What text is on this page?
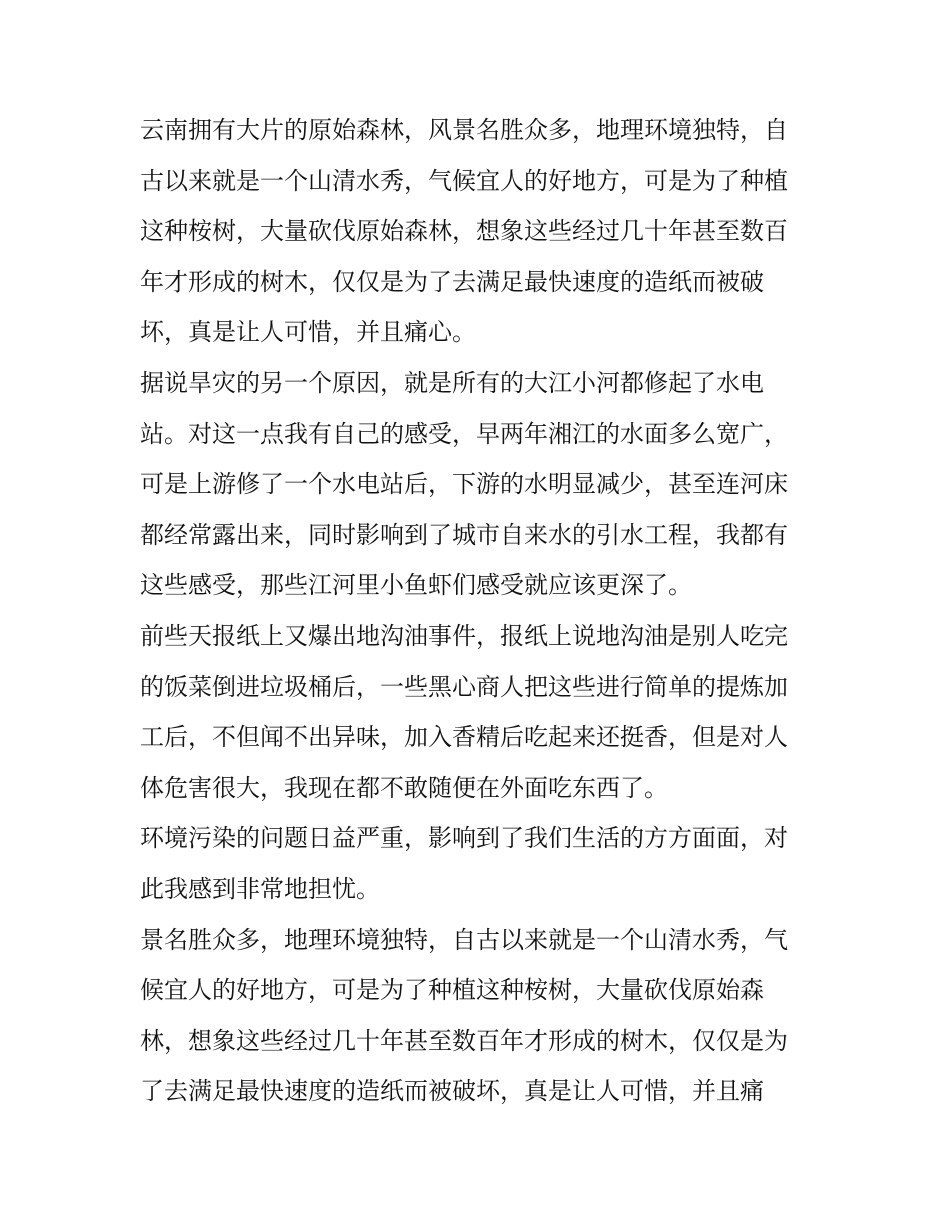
云南拥有大片的原始森林，风景名胜众多，地理环境独特，自
古以来就是一个山清水秀，气候宜人的好地方，可是为了种植
这种桉树，大量砍伐原始森林，想象这些经过几十年甚至数百
年才形成的树木，仅仅是为了去满足最快速度的造纸而被破
坏，真是让人可惜，并且痛心。
据说旱灾的另一个原因，就是所有的大江小河都修起了水电
站。对这一点我有自己的感受，早两年湘江的水面多么宽广，
可是上游修了一个水电站后，下游的水明显减少，甚至连河床
都经常露出来，同时影响到了城市自来水的引水工程，我都有
这些感受，那些江河里小鱼虾们感受就应该更深了。
前些天报纸上又爆出地沟油事件，报纸上说地沟油是别人吃完
的饭菜倒进垃圾桶后，一些黑心商人把这些进行简单的提炼加
工后，不但闻不出异味，加入香精后吃起来还挺香，但是对人
体危害很大，我现在都不敢随便在外面吃东西了。
环境污染的问题日益严重，影响到了我们生活的方方面面，对
此我感到非常地担忧。
景名胜众多，地理环境独特，自古以来就是一个山清水秀，气
候宜人的好地方，可是为了种植这种桉树，大量砍伐原始森
林，想象这些经过几十年甚至数百年才形成的树木，仅仅是为
了去满足最快速度的造纸而被破坏，真是让人可惜，并且痛
